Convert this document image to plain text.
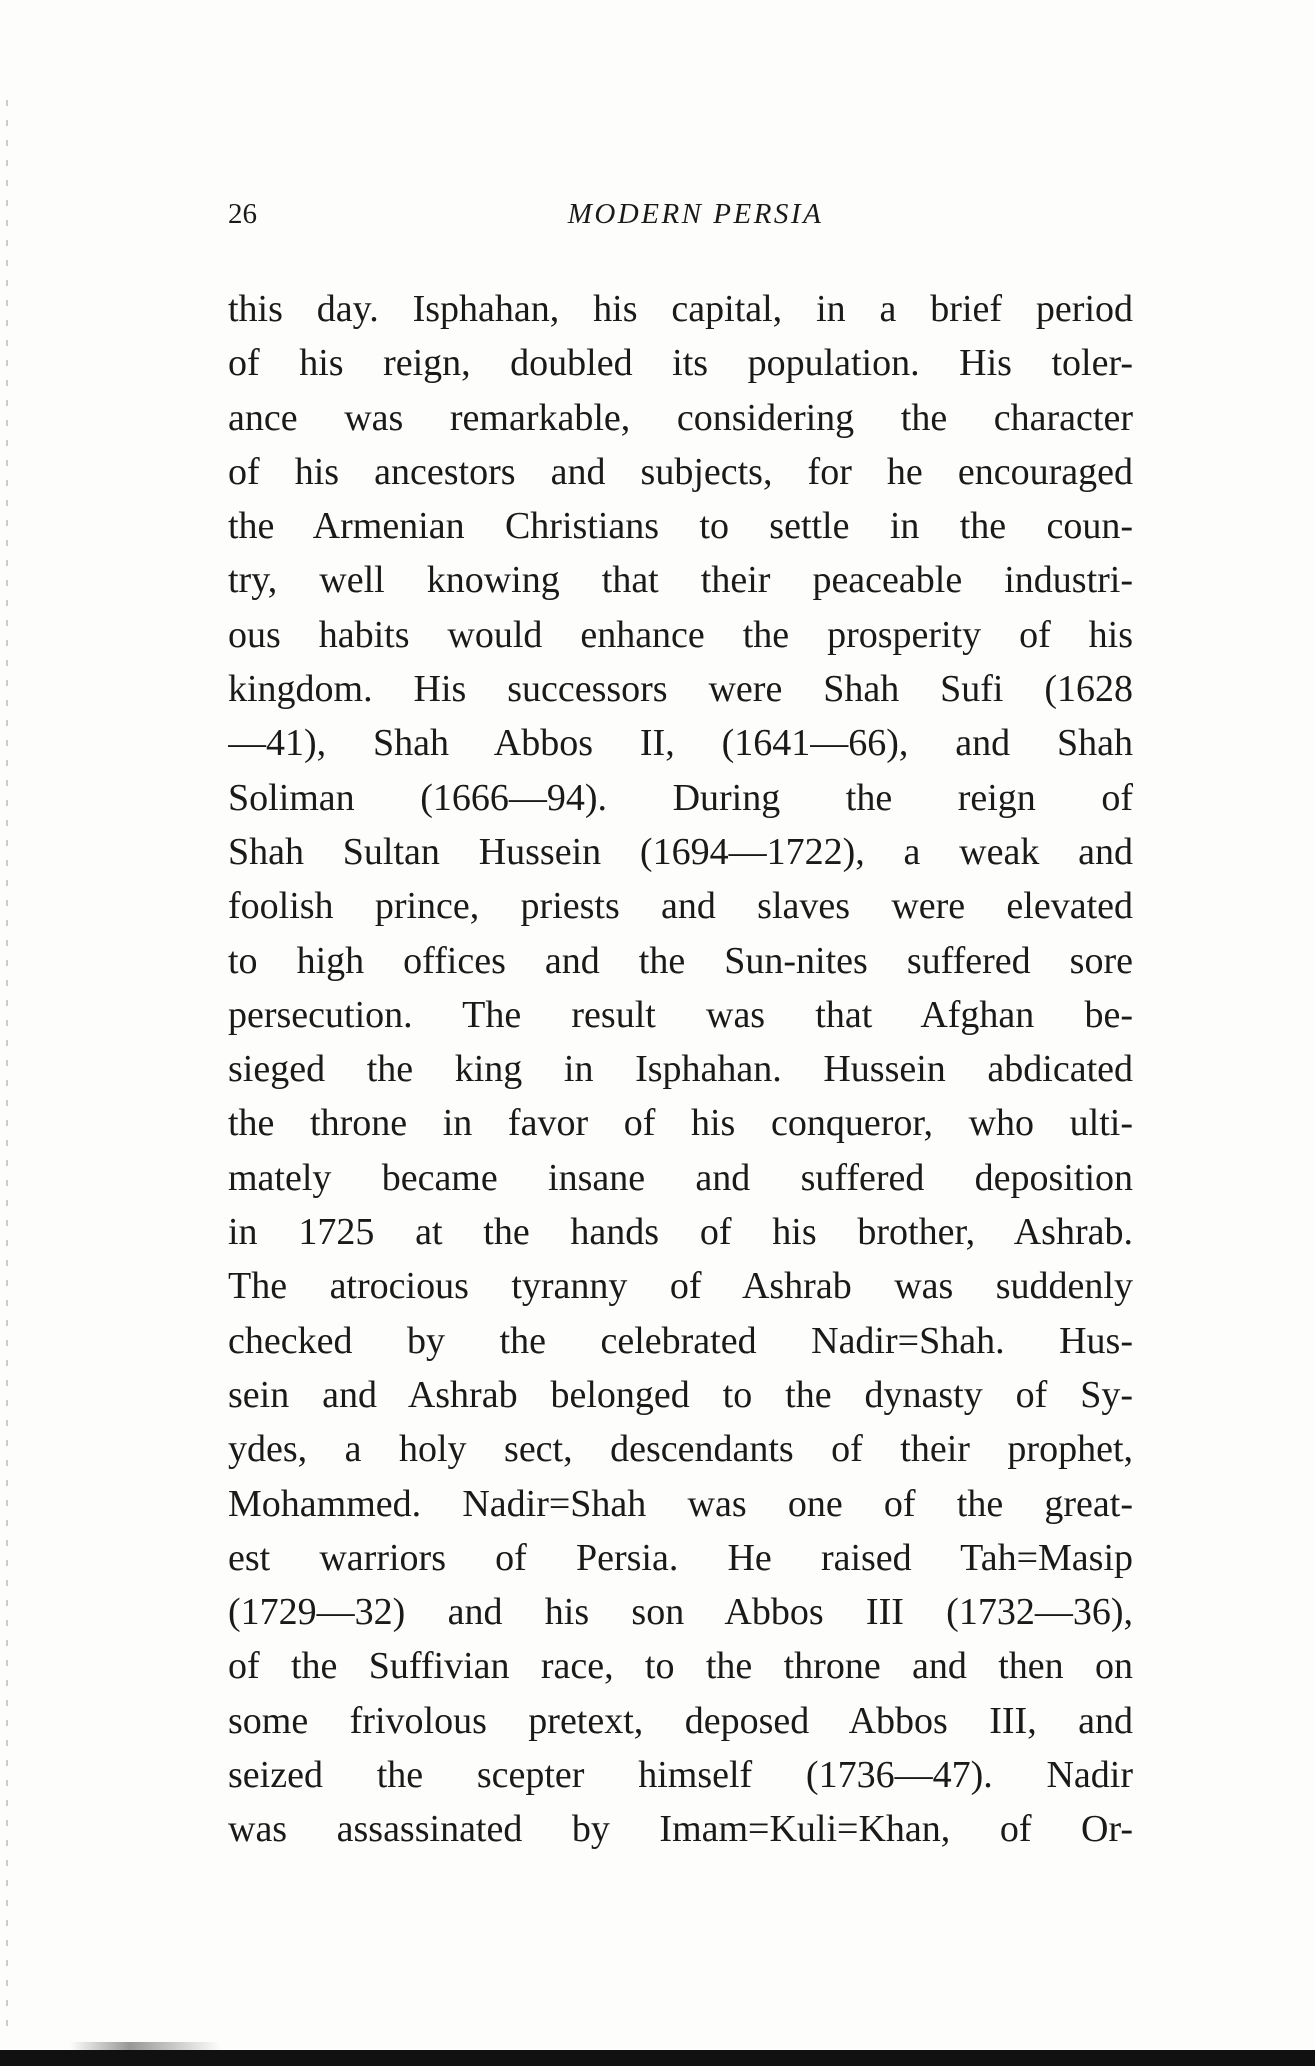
26	MODERN PERSIA
this day. Isphahan, his capital, in a brief period
of his reign, doubled its population. His toler-
ance was remarkable, considering the character
of his ancestors and subjects, for he encouraged
the Armenian Christians to settle in the coun-
try, well knowing that their peaceable industri-
ous habits would enhance the prosperity of his
kingdom. His successors were Shah Sufi (1628
—41), Shah Abbos II, (1641—66), and Shah
Soliman (1666—94). During the reign of
Shah Sultan Hussein (1694—1722), a weak and
foolish prince, priests and slaves were elevated
to high offices and the Sun-nites suffered sore
persecution. The result was that Afghan be-
sieged the king in Isphahan. Hussein abdicated
the throne in favor of his conqueror, who ulti-
mately became insane and suffered deposition
in 1725 at the hands of his brother, Ashrab.
The atrocious tyranny of Ashrab was suddenly
checked by the celebrated Nadir=Shah. Hus-
sein and Ashrab belonged to the dynasty of Sy-
ydes, a holy sect, descendants of their prophet,
Mohammed. Nadir=Shah was one of the great-
est warriors of Persia. He raised Tah=Masip
(1729—32) and his son Abbos III (1732—36),
of the Suffivian race, to the throne and then on
some frivolous pretext, deposed Abbos III, and
seized the scepter himself (1736—47). Nadir
was assassinated by Imam=Kuli=Khan, of Or-
